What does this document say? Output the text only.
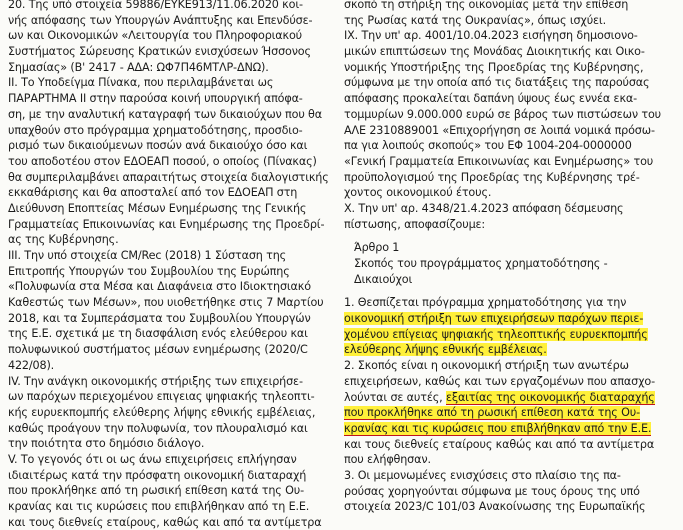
20. Της υπό στοιχεία 59886/ΕΥΚΕ913/11.06.2020 κοι-
νής απόφασης των Υπουργών Ανάπτυξης και Επενδύσε-
ων και Οικονομικών «Λειτουργία του Πληροφοριακού
Συστήματος Σώρευσης Κρατικών ενισχύσεων Ήσσονος
Σημασίας» (Β' 2417 - ΑΔΑ: ΩΦ7Π46ΜΤΛΡ-ΔΝΩ).
ΙΙ. Το Υποδείγμα Πίνακα, που περιλαμβάνεται ως
ΠΑΡΑΡΤΗΜΑ ΙΙ στην παρούσα κοινή υπουργική απόφα-
ση, με την αναλυτική καταγραφή των δικαιούχων που θα
υπαχθούν στο πρόγραμμα χρηματοδότησης, προσδιο-
ρισμό των δικαιούμενων ποσών ανά δικαιούχο όσο και
του αποδοτέου στον ΕΔΟΕΑΠ ποσού, ο οποίος (Πίνακας)
θα συμπεριλαμβάνει απαραιτήτως στοιχεία διαλογιστικής
εκκαθάρισης και θα αποσταλεί από τον ΕΔΟΕΑΠ στη
Διεύθυνση Εποπτείας Μέσων Ενημέρωσης της Γενικής
Γραμματείας Επικοινωνίας και Ενημέρωσης της Προεδρί-
ας της Κυβέρνησης.
ΙΙΙ. Την υπό στοιχεία CM/Rec (2018) 1 Σύσταση της
Επιτροπής Υπουργών του Συμβουλίου της Ευρώπης
«Πολυφωνία στα Μέσα και Διαφάνεια στο Ιδιοκτησιακό
Καθεστώς των Μέσων», που υιοθετήθηκε στις 7 Μαρτίου
2018, και τα Συμπεράσματα του Συμβουλίου Υπουργών
της Ε.Ε. σχετικά με τη διασφάλιση ενός ελεύθερου και
πολυφωνικού συστήματος μέσων ενημέρωσης (2020/C
422/08).
IV. Την ανάγκη οικονομικής στήριξης των επιχειρήσε-
ων παρόχων περιεχομένου επιγειας ψηφιακής τηλεοπτι-
κής ευρυεκπομπής ελεύθερης λήψης εθνικής εμβέλειας,
καθώς προάγουν την πολυφωνία, τον πλουραλισμό και
την ποιότητα στο δημόσιο διάλογο.
V. Το γεγονός ότι οι ως άνω επιχειρήσεις επλήγησαν
ιδιαιτέρως κατά την πρόσφατη οικονομική διαταραχή
που προκλήθηκε από τη ρωσική επίθεση κατά της Ου-
κρανίας και τις κυρώσεις που επιβλήθηκαν από τη Ε.Ε.
και τους διεθνείς εταίρους, καθώς και από τα αντίμετρα
σκοπό τη στήριξη της οικονομίας μετά την επίθεση
της Ρωσίας κατά της Ουκρανίας», όπως ισχύει.
ΙΧ. Την υπ' αρ. 4001/10.04.2023 εισήγηση δημοσιονο-
μικών επιπτώσεων της Μονάδας Διοικητικής και Οικο-
νομικής Υποστήριξης της Προεδρίας της Κυβέρνησης,
σύμφωνα με την οποία από τις διατάξεις της παρούσας
απόφασης προκαλείται δαπάνη ύψους έως εννέα εκα-
τομμυρίων 9.000.000 ευρώ σε βάρος των πιστώσεων του
ΑΛΕ 2310889001 «Επιχορήγηση σε λοιπά νομικά πρόσω-
πα για λοιπούς σκοπούς» του ΕΦ 1004-204-0000000
«Γενική Γραμματεία Επικοινωνίας και Ενημέρωσης» του
προϋπολογισμού της Προεδρίας της Κυβέρνησης τρέ-
χοντος οικονομικού έτους.
Χ. Την υπ' αρ. 4348/21.4.2023 απόφαση δέσμευσης
πίστωσης, αποφασίζουμε:
Άρθρο 1
Σκοπός του προγράμματος χρηματοδότησης -
Δικαιούχοι
1. Θεσπίζεται πρόγραμμα χρηματοδότησης για την
οικονομική στήριξη των επιχειρήσεων παρόχων περιε-
χομένου επίγειας ψηφιακής τηλεοπτικής ευρυεκπομπής
ελεύθερης λήψης εθνικής εμβέλειας.
2. Σκοπός είναι η οικονομική στήριξη των ανωτέρω
επιχειρήσεων, καθώς και των εργαζομένων που απασχο-
λούνται σε αυτές, εξαιτίας της οικονομικής διαταραχής
που προκλήθηκε από τη ρωσική επίθεση κατά της Ου-
κρανίας και τις κυρώσεις που επιβλήθηκαν από την Ε.Ε.
και τους διεθνείς εταίρους καθώς και από τα αντίμετρα
που ελήφθησαν.
3. Οι μεμονωμένες ενισχύσεις στο πλαίσιο της πα-
ρούσας χορηγούνται σύμφωνα με τους όρους της υπό
στοιχεία 2023/C 101/03 Ανακοίνωσης της Ευρωπαϊκής
